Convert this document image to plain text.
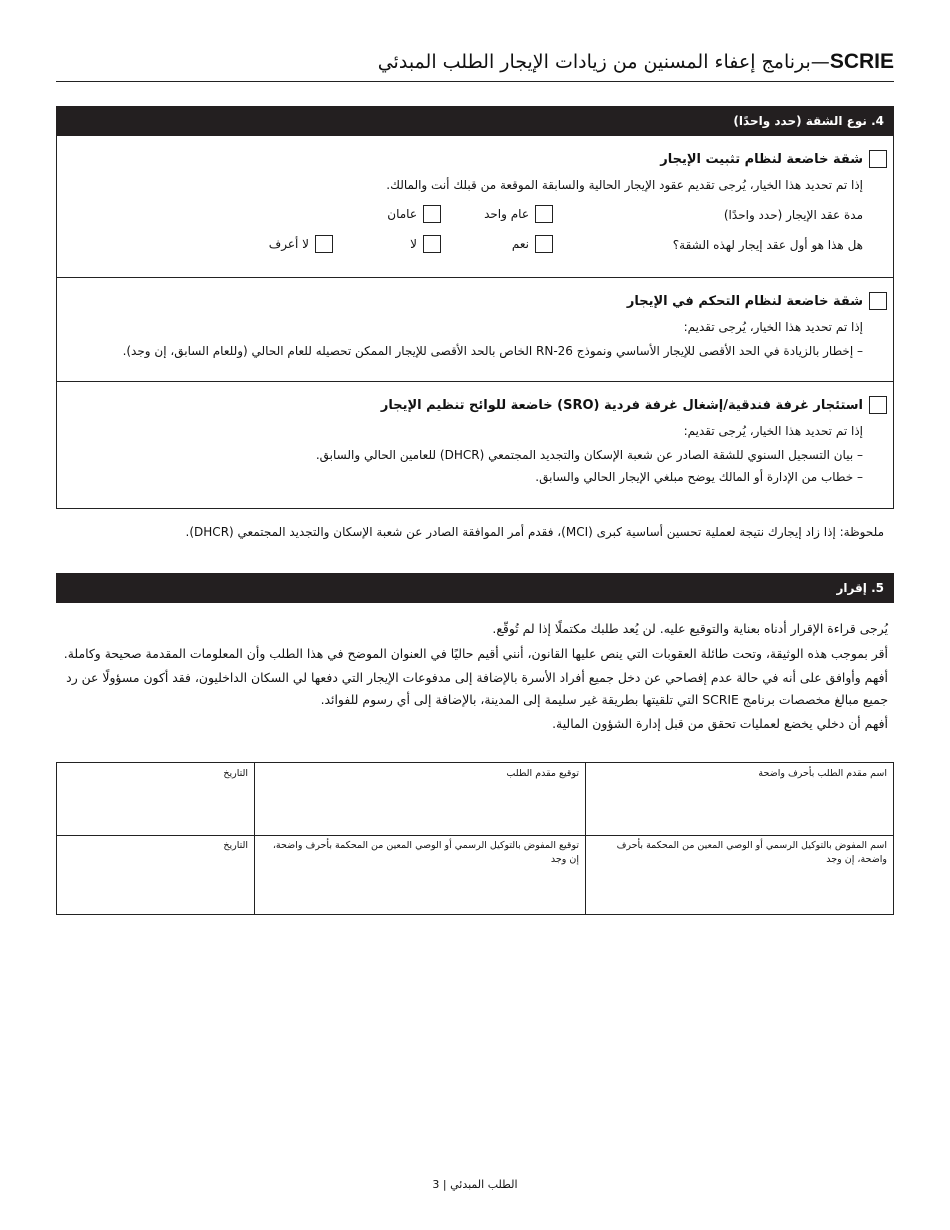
SCRIE—برنامج إعفاء المسنين من زيادات الإيجار الطلب المبدئي
4. نوع الشقة (حدد واحدًا)
شقة خاضعة لنظام تثبيت الإيجار
إذا تم تحديد هذا الخيار، يُرجى تقديم عقود الإيجار الحالية والسابقة الموقعة من قبلك أنت والمالك.
مدة عقد الإيجار (حدد واحدًا)
عام واحد
عامان
هل هذا هو أول عقد إيجار لهذه الشقة؟
نعم
لا
لا أعرف
شقة خاضعة لنظام التحكم في الإيجار
إذا تم تحديد هذا الخيار، يُرجى تقديم:
– إخطار بالزيادة في الحد الأقصى للإيجار الأساسي ونموذج RN-26 الخاص بالحد الأقصى للإيجار الممكن تحصيله للعام الحالي (وللعام السابق، إن وجد).
استئجار غرفة فندقية/إشغال غرفة فردية (SRO) خاضعة للوائح تنظيم الإيجار
إذا تم تحديد هذا الخيار، يُرجى تقديم:
– بيان التسجيل السنوي للشقة الصادر عن شعبة الإسكان والتجديد المجتمعي (DHCR) للعامين الحالي والسابق.
– خطاب من الإدارة أو المالك يوضح مبلغي الإيجار الحالي والسابق.
ملحوظة: إذا زاد إيجارك نتيجة لعملية تحسين أساسية كبرى (MCI)، فقدم أمر الموافقة الصادر عن شعبة الإسكان والتجديد المجتمعي (DHCR).
5. إقرار
يُرجى قراءة الإقرار أدناه بعناية والتوقيع عليه. لن يُعد طلبك مكتملًا إذا لم تُوقّع.
أقر بموجب هذه الوثيقة، وتحت طائلة العقوبات التي ينص عليها القانون، أنني أقيم حاليًا في العنوان الموضح في هذا الطلب وأن المعلومات المقدمة صحيحة وكاملة.
أفهم وأوافق على أنه في حالة عدم إفصاحي عن دخل جميع أفراد الأسرة بالإضافة إلى مدفوعات الإيجار التي دفعها لي السكان الداخليون، فقد أكون مسؤولًا عن رد جميع مبالغ مخصصات برنامج SCRIE التي تلقيتها بطريقة غير سليمة إلى المدينة، بالإضافة إلى أي رسوم للفوائد.
أفهم أن دخلي يخضع لعمليات تحقق من قبل إدارة الشؤون المالية.
اسم مقدم الطلب بأحرف واضحة
توقيع مقدم الطلب
التاريخ
اسم المفوض بالتوكيل الرسمي أو الوصي المعين من المحكمة بأحرف واضحة، إن وجد
توقيع المفوض بالتوكيل الرسمي أو الوصي المعين من المحكمة بأحرف واضحة، إن وجد
التاريخ
الطلب المبدئي | 3
